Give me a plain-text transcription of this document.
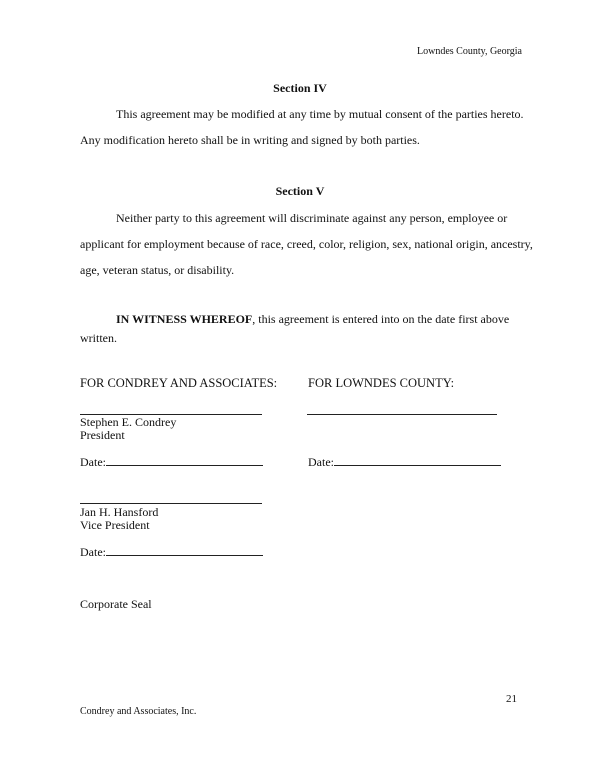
Lowndes County, Georgia
Section IV
This agreement may be modified at any time by mutual consent of the parties hereto.
Any modification hereto shall be in writing and signed by both parties.
Section V
Neither party to this agreement will discriminate against any person, employee or
applicant for employment because of race, creed, color, religion, sex, national origin, ancestry,
age, veteran status, or disability.
IN WITNESS WHEREOF, this agreement is entered into on the date first above
written.
FOR CONDREY AND ASSOCIATES: FOR LOWNDES COUNTY:
Stephen E. Condrey
President
Date:	Date:
Jan H. Hansford
Vice President
Date:
Corporate Seal
21
Condrey and Associates, Inc.
